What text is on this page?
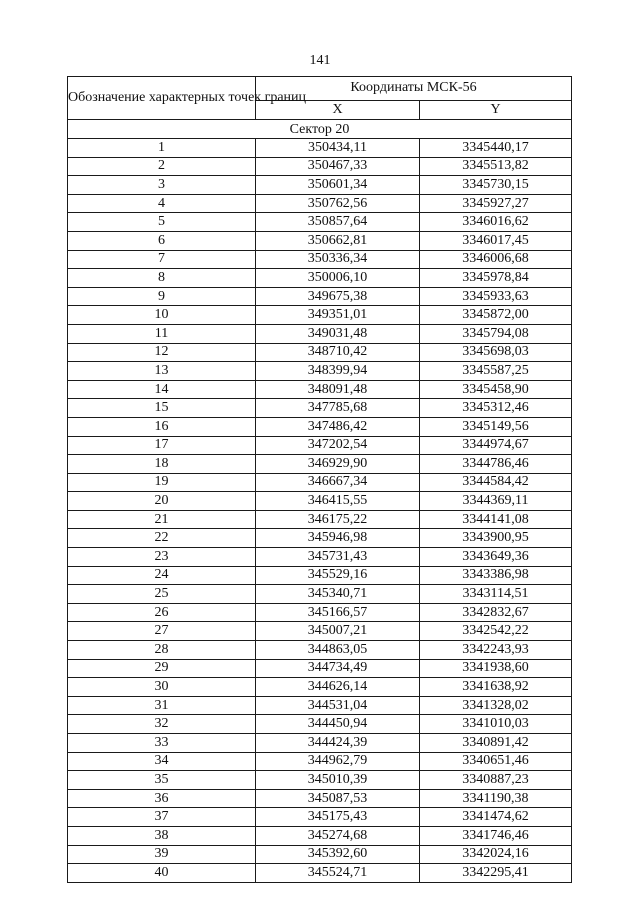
141
Обозначение характерных точек границ	Координаты МСК-56	
	X	Y
Сектор 20		
1	350434,11	3345440,17
2	350467,33	3345513,82
3	350601,34	3345730,15
4	350762,56	3345927,27
5	350857,64	3346016,62
6	350662,81	3346017,45
7	350336,34	3346006,68
8	350006,10	3345978,84
9	349675,38	3345933,63
10	349351,01	3345872,00
11	349031,48	3345794,08
12	348710,42	3345698,03
13	348399,94	3345587,25
14	348091,48	3345458,90
15	347785,68	3345312,46
16	347486,42	3345149,56
17	347202,54	3344974,67
18	346929,90	3344786,46
19	346667,34	3344584,42
20	346415,55	3344369,11
21	346175,22	3344141,08
22	345946,98	3343900,95
23	345731,43	3343649,36
24	345529,16	3343386,98
25	345340,71	3343114,51
26	345166,57	3342832,67
27	345007,21	3342542,22
28	344863,05	3342243,93
29	344734,49	3341938,60
30	344626,14	3341638,92
31	344531,04	3341328,02
32	344450,94	3341010,03
33	344424,39	3340891,42
34	344962,79	3340651,46
35	345010,39	3340887,23
36	345087,53	3341190,38
37	345175,43	3341474,62
38	345274,68	3341746,46
39	345392,60	3342024,16
40	345524,71	3342295,41
